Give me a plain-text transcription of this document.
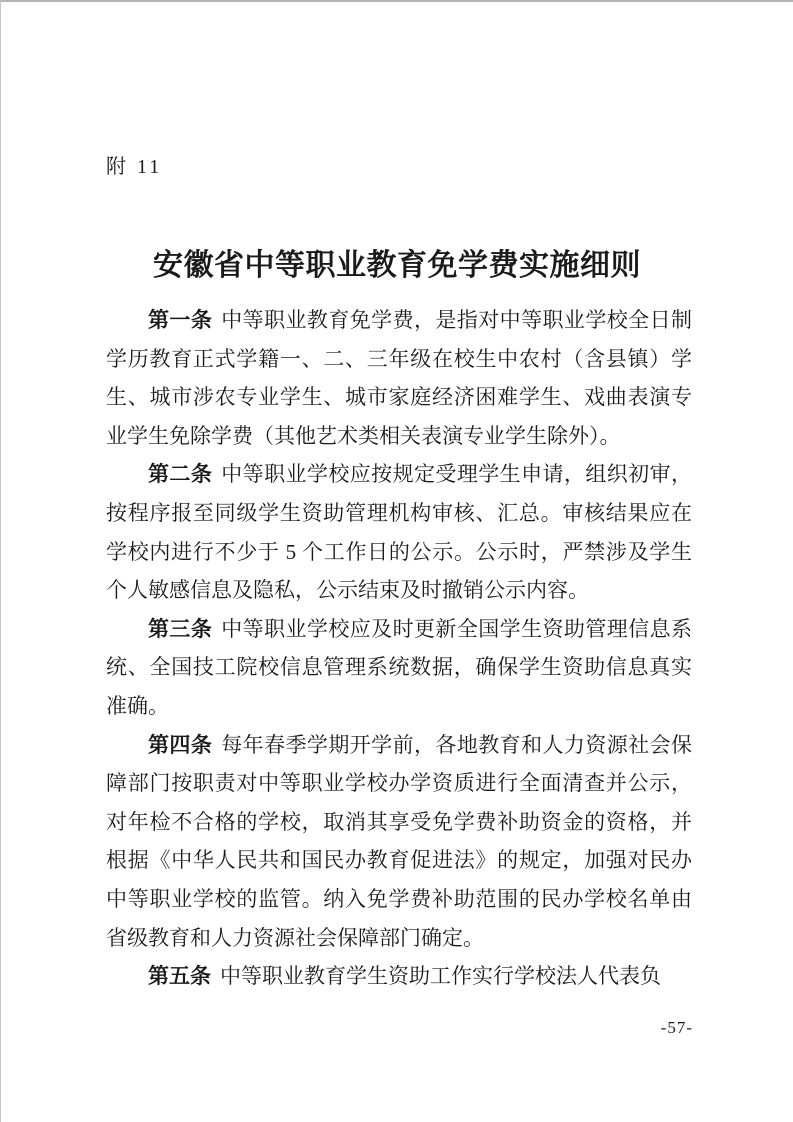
附 11
安徽省中等职业教育免学费实施细则

第一条 中等职业教育免学费，是指对中等职业学校全日制学历教育正式学籍一、二、三年级在校生中农村（含县镇）学生、城市涉农专业学生、城市家庭经济困难学生、戏曲表演专业学生免除学费（其他艺术类相关表演专业学生除外）。

第二条 中等职业学校应按规定受理学生申请，组织初审，按程序报至同级学生资助管理机构审核、汇总。审核结果应在学校内进行不少于 5 个工作日的公示。公示时，严禁涉及学生个人敏感信息及隐私，公示结束及时撤销公示内容。

第三条 中等职业学校应及时更新全国学生资助管理信息系统、全国技工院校信息管理系统数据，确保学生资助信息真实准确。

第四条 每年春季学期开学前，各地教育和人力资源社会保障部门按职责对中等职业学校办学资质进行全面清查并公示，对年检不合格的学校，取消其享受免学费补助资金的资格，并根据《中华人民共和国民办教育促进法》的规定，加强对民办中等职业学校的监管。纳入免学费补助范围的民办学校名单由省级教育和人力资源社会保障部门确定。

第五条 中等职业教育学生资助工作实行学校法人代表负

-57-
